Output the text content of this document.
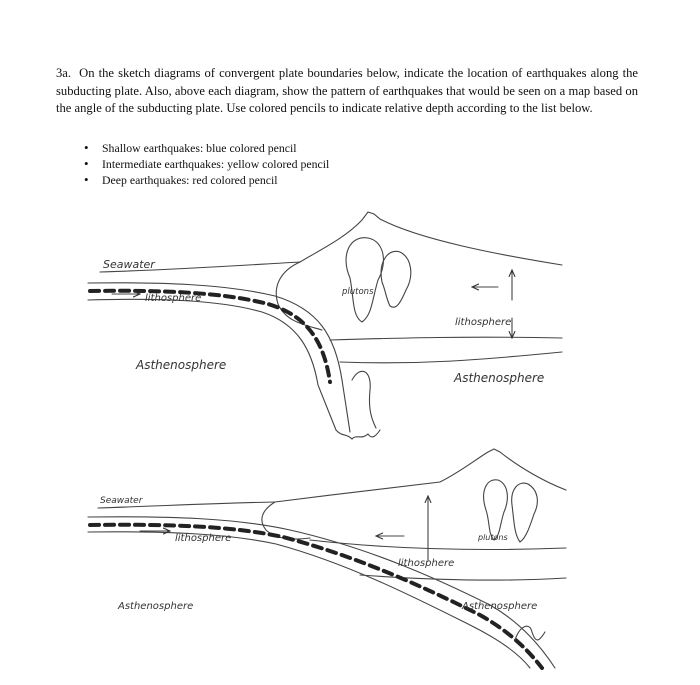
3a. On the sketch diagrams of convergent plate boundaries below, indicate the location of earthquakes along the subducting plate. Also, above each diagram, show the pattern of earthquakes that would be seen on a map based on the angle of the subducting plate. Use colored pencils to indicate relative depth according to the list below.

• Shallow earthquakes: blue colored pencil
• Intermediate earthquakes: yellow colored pencil
• Deep earthquakes: red colored pencil
Seawater
lithosphere
plutons
lithosphere
Asthenosphere
Asthenosphere
Seawater
lithosphere	plutons
lithosphere
Asthenosphere	Asthenosphere
